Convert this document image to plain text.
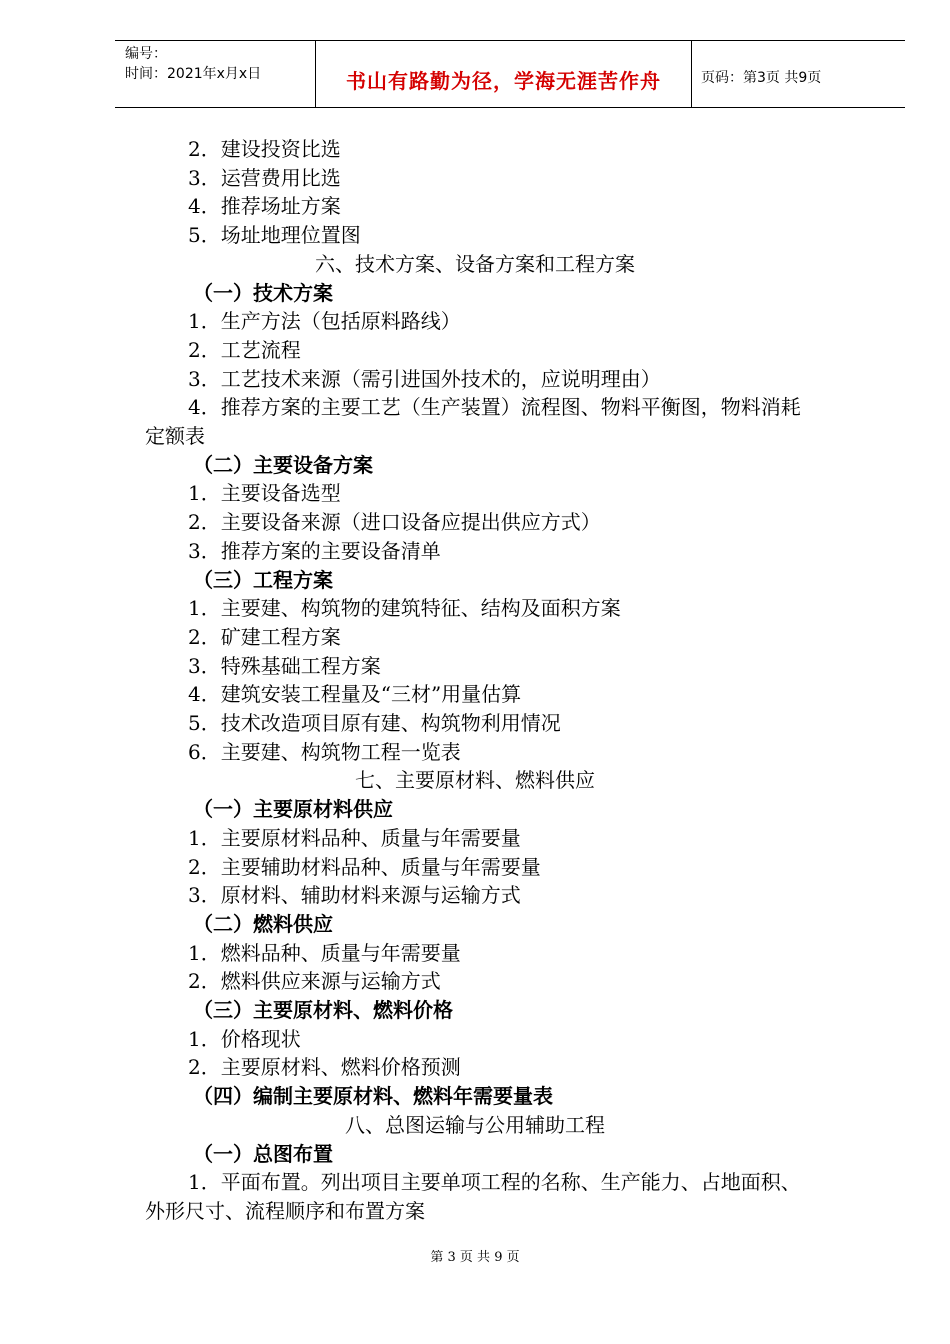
编号：
时间：2021年x月x日	书山有路勤为径，学海无涯苦作舟	页码：第3页 共9页
2．建设投资比选
3．运营费用比选
4．推荐场址方案
5．场址地理位置图
六、技术方案、设备方案和工程方案
（一）技术方案
1．生产方法（包括原料路线）
2．工艺流程
3．工艺技术来源（需引进国外技术的，应说明理由）
4．推荐方案的主要工艺（生产装置）流程图、物料平衡图，物料消耗
定额表
（二）主要设备方案
1．主要设备选型
2．主要设备来源（进口设备应提出供应方式）
3．推荐方案的主要设备清单
（三）工程方案
1．主要建、构筑物的建筑特征、结构及面积方案
2．矿建工程方案
3．特殊基础工程方案
4．建筑安装工程量及“三材”用量估算
5．技术改造项目原有建、构筑物利用情况
6．主要建、构筑物工程一览表
七、主要原材料、燃料供应
（一）主要原材料供应
1．主要原材料品种、质量与年需要量
2．主要辅助材料品种、质量与年需要量
3．原材料、辅助材料来源与运输方式
（二）燃料供应
1．燃料品种、质量与年需要量
2．燃料供应来源与运输方式
（三）主要原材料、燃料价格
1．价格现状
2．主要原材料、燃料价格预测
（四）编制主要原材料、燃料年需要量表
八、总图运输与公用辅助工程
（一）总图布置
1．平面布置。列出项目主要单项工程的名称、生产能力、占地面积、
外形尺寸、流程顺序和布置方案
第 3 页 共 9 页
